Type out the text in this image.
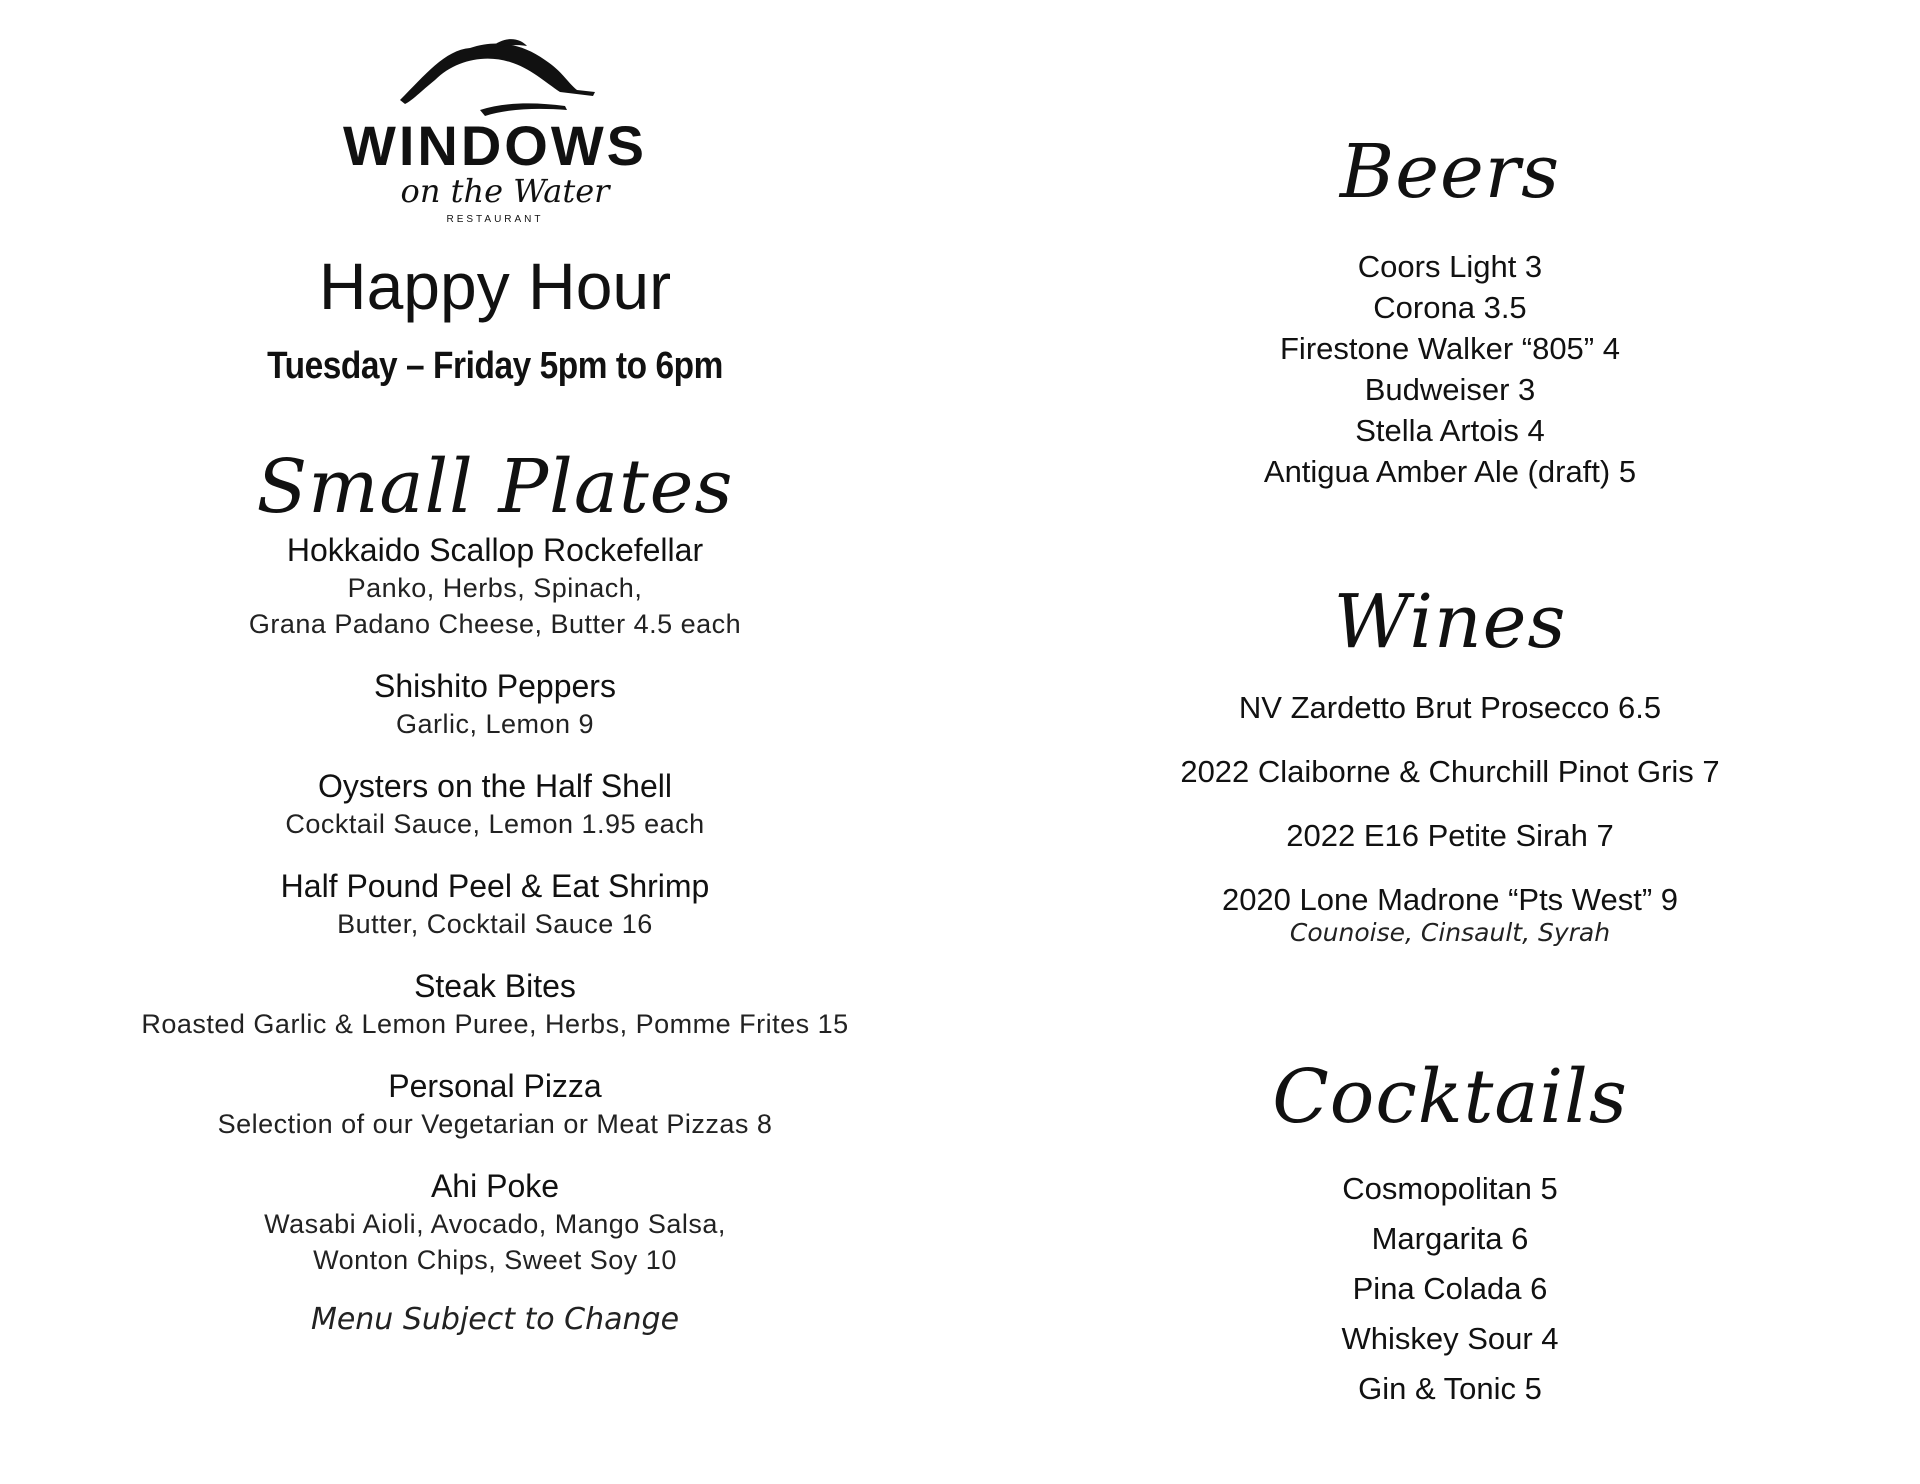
WINDOWS
on the Water
RESTAURANT
Happy Hour
Tuesday – Friday 5pm to 6pm
Small Plates
Hokkaido Scallop Rockefellar
Panko, Herbs, Spinach,
Grana Padano Cheese, Butter 4.5 each
Shishito Peppers
Garlic, Lemon 9
Oysters on the Half Shell
Cocktail Sauce, Lemon 1.95 each
Half Pound Peel & Eat Shrimp
Butter, Cocktail Sauce 16
Steak Bites
Roasted Garlic & Lemon Puree, Herbs, Pomme Frites 15
Personal Pizza
Selection of our Vegetarian or Meat Pizzas 8
Ahi Poke
Wasabi Aioli, Avocado, Mango Salsa,
Wonton Chips, Sweet Soy 10
Menu Subject to Change
Beers
Coors Light 3
Corona 3.5
Firestone Walker “805” 4
Budweiser 3
Stella Artois 4
Antigua Amber Ale (draft) 5
Wines
NV Zardetto Brut Prosecco 6.5
2022 Claiborne & Churchill Pinot Gris 7
2022 E16 Petite Sirah 7
2020 Lone Madrone “Pts West” 9
Counoise, Cinsault, Syrah
Cocktails
Cosmopolitan 5
Margarita 6
Pina Colada 6
Whiskey Sour 4
Gin & Tonic 5
